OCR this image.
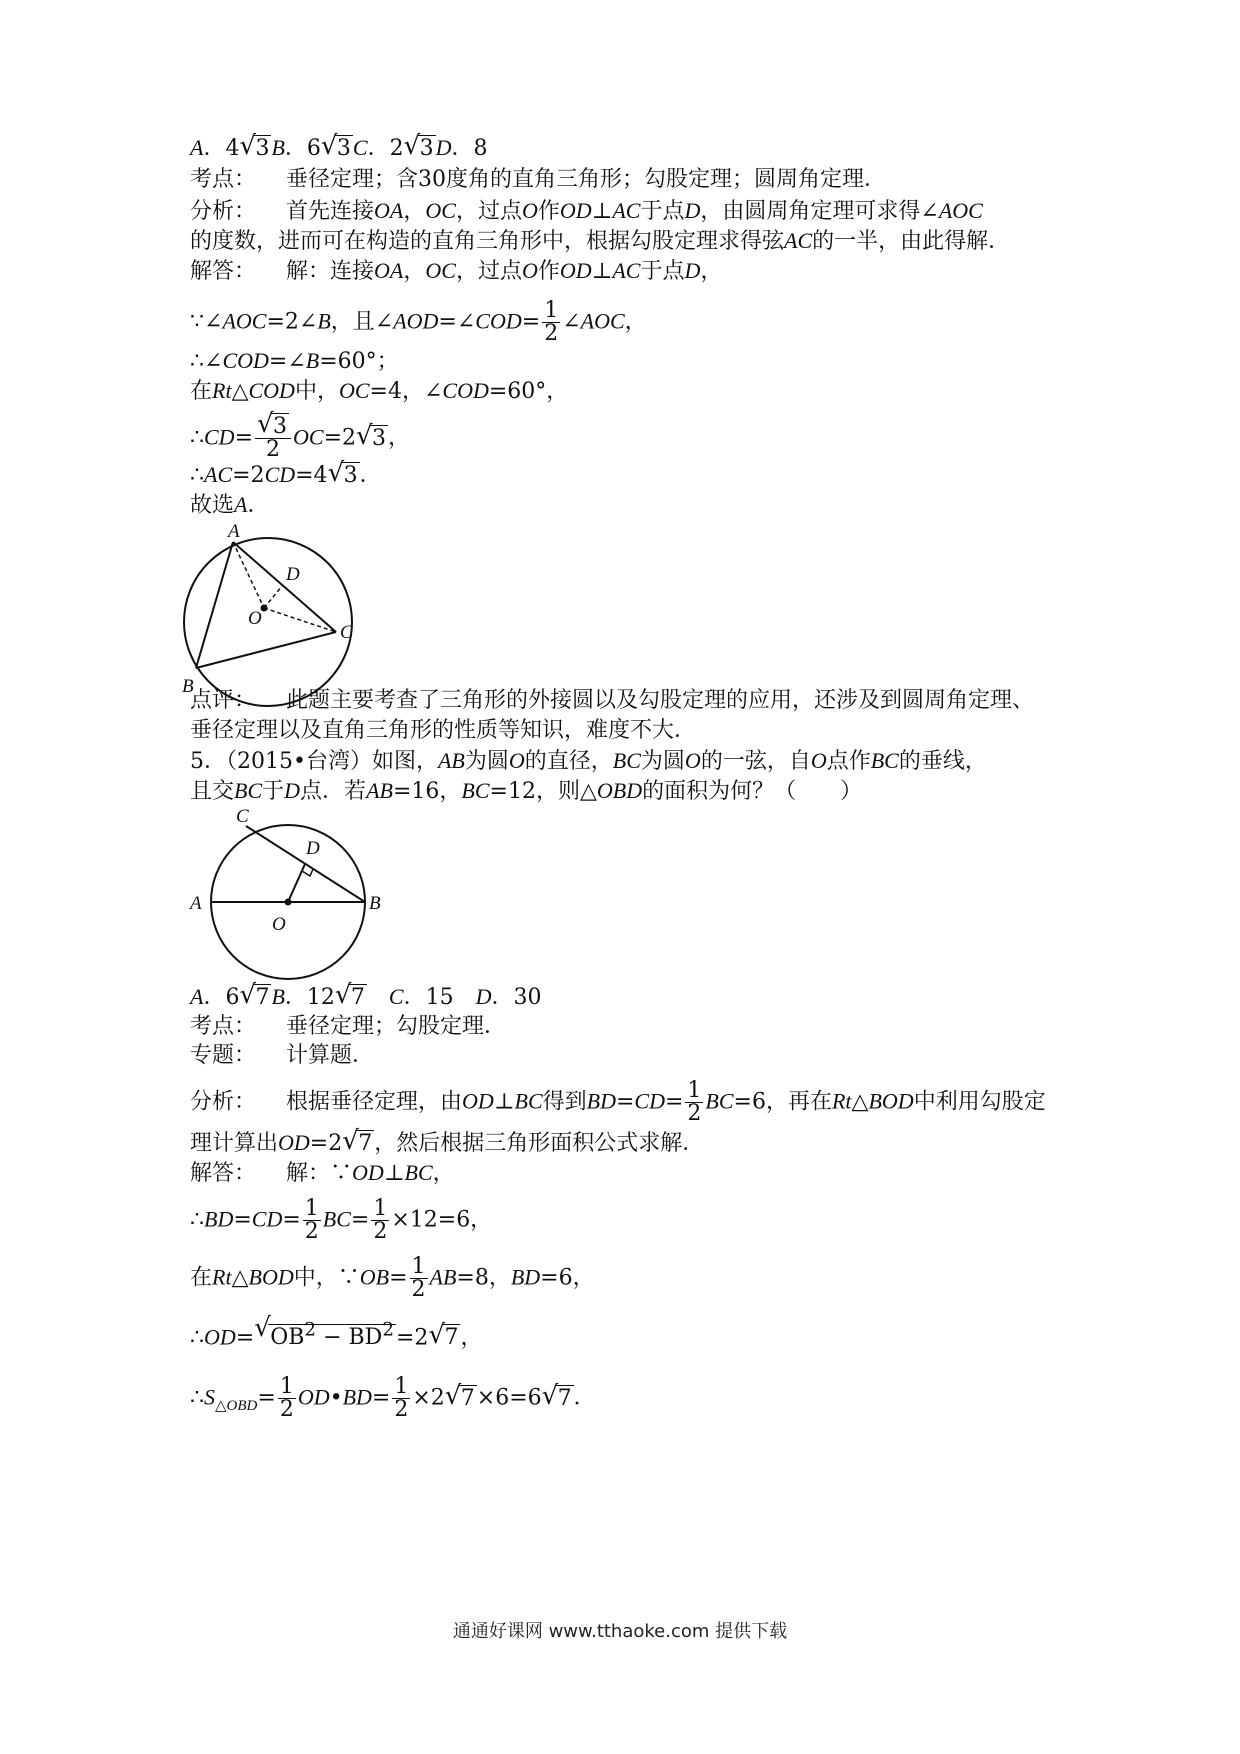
A．4√ 3B．6√ 3C．2√ 3D．8
考点： 垂径定理；含30度角的直角三角形；勾股定理；圆周角定理．
分析： 首先连接OA，OC，过点O作OD⊥AC于点D，由圆周角定理可求得∠AOC
的度数，进而可在构造的直角三角形中，根据勾股定理求得弦AC的一半，由此得解．
解答： 解：连接OA，OC，过点O作OD⊥AC于点D，
∵∠AOC=2∠B，且∠AOD=∠COD= $\frac{1}{2}$ ∠AOC，
∴∠COD=∠B=60°；
在Rt△COD中，OC=4，∠COD=60°，
∴CD=
√ $\frac{3}{2} OC=2√$ 3，
∴AC=2CD=4√ 3．
故选A．
A
B
C
D
O
点评： 此题主要考查了三角形的外接圆以及勾股定理的应用，还涉及到圆周角定理、
垂径定理以及直角三角形的性质等知识，难度不大．
5．（2015•台湾）如图，AB为圆O的直径，BC为圆O的一弦，自O点作BC的垂线，
且交BC于D点．若AB=16，BC=12，则△OBD的面积为何？（　　）
C
D
A	B
O
A．6√ 7B．12√ 7　 C．15　D．30
考点： 垂径定理；勾股定理．
专题： 计算题．
分析： 根据垂径定理，由OD⊥BC得到$BD=CD= \frac{1}{2} BC=6$，再在Rt△BOD中利用勾股定
理计算出OD=2√ 7，然后根据三角形面积公式求解．
解答： 解：∵OD⊥BC，
∴BD=CD= $\frac{1}{2} BC= \frac{1}{2} \times 12=6$，
在Rt△BOD中，∵OB= $\frac{1}{2} AB=8$，BD=6，
∴OD=√ $OB^2 - BD^2=2√$ 7，
$\therefore S_{\triangle OBD}= \frac{1}{2}$ OD•BD= $\frac{1}{2} \times 2√$ 7×6=6√ 7．
通通好课网 www.tthaoke.com 提供下载
